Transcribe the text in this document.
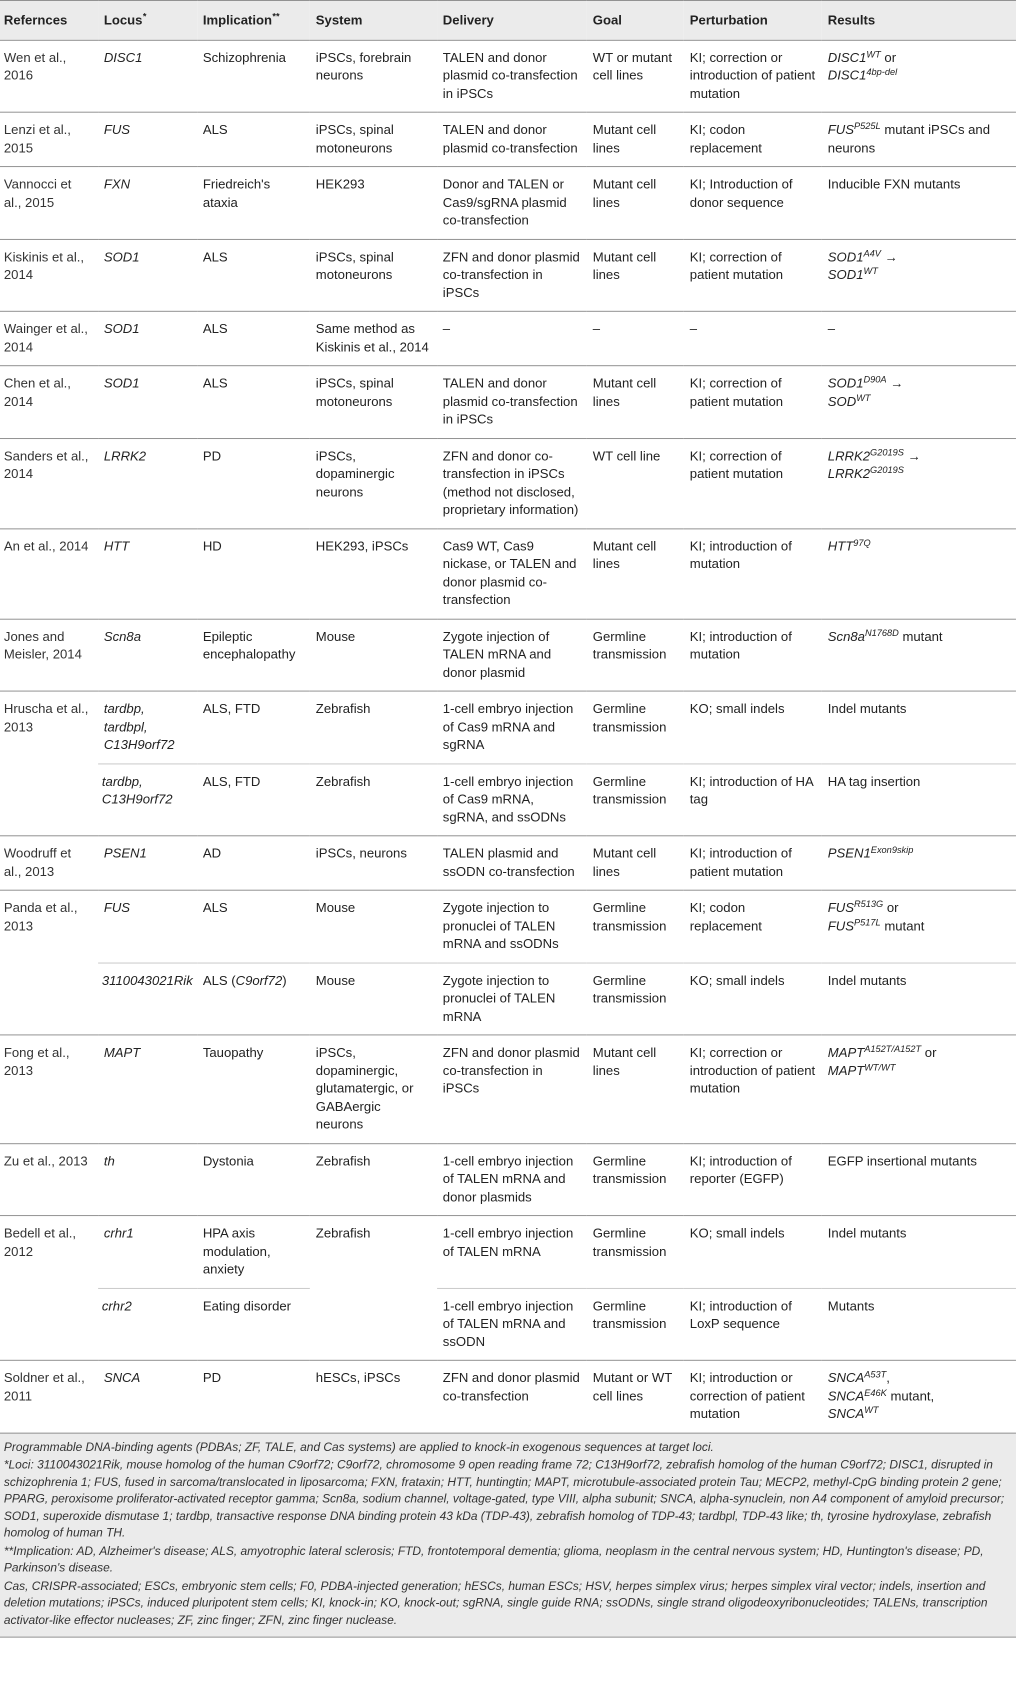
Refernces	Locus*	Implication**	System	Delivery	Goal	Perturbation	Results
Wen et al., 2016	DISC1	Schizophrenia	iPSCs, forebrain neurons	TALEN and donor plasmid co-transfection in iPSCs	WT or mutant cell lines	KI; correction or introduction of patient mutation	$DISC1^{WT}$ or
$DISC1^{4bp-del}$
Lenzi et al., 2015	FUS	ALS	iPSCs, spinal motoneurons	TALEN and donor plasmid co-transfection	Mutant cell lines	KI; codon replacement	$FUS^{P525L}$ mutant iPSCs and neurons
Vannocci et al., 2015	FXN	Friedreich's ataxia	HEK293	Donor and TALEN or Cas9/sgRNA plasmid co-transfection	Mutant cell lines	KI; Introduction of donor sequence	Inducible FXN mutants
Kiskinis et al., 2014	SOD1	ALS	iPSCs, spinal motoneurons	ZFN and donor plasmid co-transfection in iPSCs	Mutant cell lines	KI; correction of patient mutation	$SOD1^{A4V}$ →
$SOD1^{WT}$
Wainger et al., 2014	SOD1	ALS	Same method as Kiskinis et al., 2014	–	–	–	–
Chen et al., 2014	SOD1	ALS	iPSCs, spinal motoneurons	TALEN and donor plasmid co-transfection in iPSCs	Mutant cell lines	KI; correction of patient mutation	$SOD1^{D90A}$ →
$SOD^{WT}$
Sanders et al., 2014	LRRK2	PD	iPSCs, dopaminergic neurons	ZFN and donor co-transfection in iPSCs (method not disclosed, proprietary information)	WT cell line	KI; correction of patient mutation	$LRRK2^{G2019S}$ →
$LRRK2^{G2019S}$
An et al., 2014	HTT	HD	HEK293, iPSCs	Cas9 WT, Cas9 nickase, or TALEN and donor plasmid co-transfection	Mutant cell lines	KI; introduction of mutation	$HTT^{97Q}$
Jones and Meisler, 2014	Scn8a	Epileptic encephalopathy	Mouse	Zygote injection of TALEN mRNA and donor plasmid	Germline transmission	KI; introduction of mutation	$Scn8a^{N1768D}$ mutant
Hruscha et al., 2013	tardbp, tardbpl, C13H9orf72	ALS, FTD	Zebrafish	1-cell embryo injection of Cas9 mRNA and sgRNA	Germline transmission	KO; small indels	Indel mutants
	tardbp, C13H9orf72	ALS, FTD	Zebrafish	1-cell embryo injection of Cas9 mRNA, sgRNA, and ssODNs	Germline transmission	KI; introduction of HA tag	HA tag insertion
Woodruff et al., 2013	PSEN1	AD	iPSCs, neurons	TALEN plasmid and ssODN co-transfection	Mutant cell lines	KI; introduction of patient mutation	$PSEN1^{Exon9skip}$
Panda et al., 2013	FUS	ALS	Mouse	Zygote injection to pronuclei of TALEN mRNA and ssODNs	Germline transmission	KI; codon replacement	$FUS^{R513G}$ or
$FUS^{P517L}$ mutant
	3110043021Rik	ALS (C9orf72)	Mouse	Zygote injection to pronuclei of TALEN mRNA	Germline transmission	KO; small indels	Indel mutants
Fong et al., 2013	MAPT	Tauopathy	iPSCs, dopaminergic, glutamatergic, or GABAergic neurons	ZFN and donor plasmid co-transfection in iPSCs	Mutant cell lines	KI; correction or introduction of patient mutation	$MAPT^{A152T/A152T}$ or
$MAPT^{WT/WT}$
Zu et al., 2013	th	Dystonia	Zebrafish	1-cell embryo injection of TALEN mRNA and donor plasmids	Germline transmission	KI; introduction of reporter (EGFP)	EGFP insertional mutants
Bedell et al., 2012	crhr1	HPA axis modulation, anxiety	Zebrafish	1-cell embryo injection of TALEN mRNA	Germline transmission	KO; small indels	Indel mutants
	crhr2	Eating disorder		1-cell embryo injection of TALEN mRNA and ssODN	Germline transmission	KI; introduction of LoxP sequence	Mutants
Soldner et al., 2011	SNCA	PD	hESCs, iPSCs	ZFN and donor plasmid co-transfection	Mutant or WT cell lines	KI; introduction or correction of patient mutation	$SNCA^{A53T}$,
$SNCA^{E46K}$ mutant,
$SNCA^{WT}$

Programmable DNA-binding agents (PDBAs; ZF, TALE, and Cas systems) are applied to knock-in exogenous sequences at target loci.

*Loci: 3110043021Rik, mouse homolog of the human C9orf72; C9orf72, chromosome 9 open reading frame 72; C13H9orf72, zebrafish homolog of the human C9orf72; DISC1, disrupted in schizophrenia 1; FUS, fused in sarcoma/translocated in liposarcoma; FXN, frataxin; HTT, huntingtin; MAPT, microtubule-associated protein Tau; MECP2, methyl-CpG binding protein 2 gene; PPARG, peroxisome proliferator-activated receptor gamma; Scn8a, sodium channel, voltage-gated, type VIII, alpha subunit; SNCA, alpha-synuclein, non A4 component of amyloid precursor; SOD1, superoxide dismutase 1; tardbp, transactive response DNA binding protein 43 kDa (TDP-43), zebrafish homolog of TDP-43; tardbpl, TDP-43 like; th, tyrosine hydroxylase, zebrafish homolog of human TH.

**Implication: AD, Alzheimer's disease; ALS, amyotrophic lateral sclerosis; FTD, frontotemporal dementia; glioma, neoplasm in the central nervous system; HD, Huntington's disease; PD, Parkinson's disease.

Cas, CRISPR-associated; ESCs, embryonic stem cells; F0, PDBA-injected generation; hESCs, human ESCs; HSV, herpes simplex virus; herpes simplex viral vector; indels, insertion and deletion mutations; iPSCs, induced pluripotent stem cells; KI, knock-in; KO, knock-out; sgRNA, single guide RNA; ssODNs, single strand oligodeoxyribonucleotides; TALENs, transcription activator-like effector nucleases; ZF, zinc finger; ZFN, zinc finger nuclease.
